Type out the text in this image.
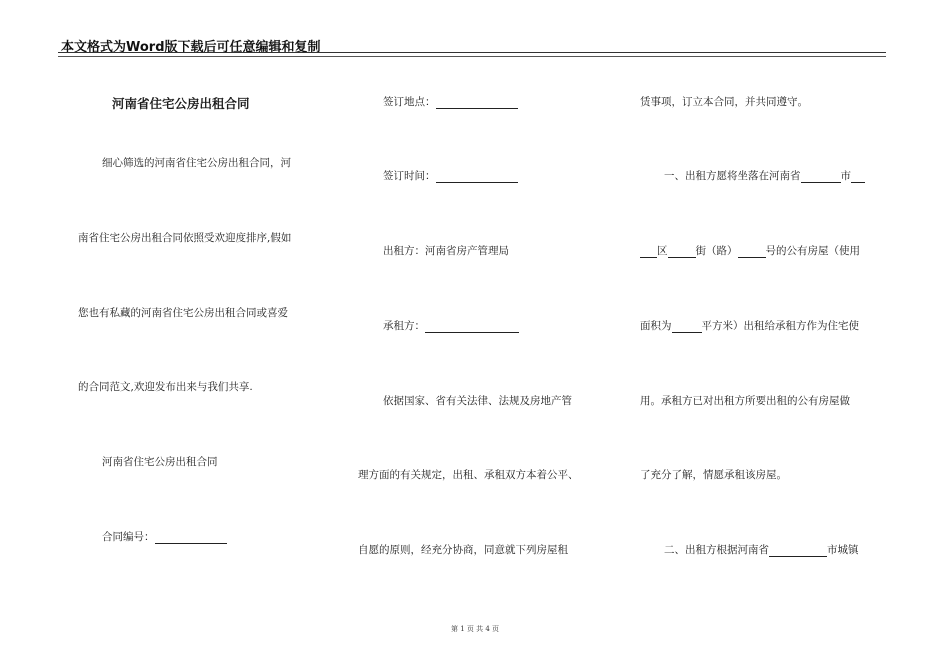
本文格式为Word版下载后可任意编辑和复制
河南省住宅公房出租合同
细心筛选的河南省住宅公房出租合同，河
南省住宅公房出租合同依照受欢迎度排序,假如
您也有私藏的河南省住宅公房出租合同或喜爱
的合同范文,欢迎发布出来与我们共享.
河南省住宅公房出租合同
合同编号：
签订地点：
签订时间：
出租方：河南省房产管理局
承租方：
依据国家、省有关法律、法规及房地产管
理方面的有关规定，出租、承租双方本着公平、
自愿的原则，经充分协商，同意就下列房屋租
赁事项，订立本合同，并共同遵守。
一、出租方愿将坐落在河南省	市
区	街（路）	号的公有房屋（使用
面积为	平方米）出租给承租方作为住宅使
用。承租方已对出租方所要出租的公有房屋做
了充分了解，情愿承租该房屋。
二、出租方根据河南省	市城镇
第 1 页 共 4 页
